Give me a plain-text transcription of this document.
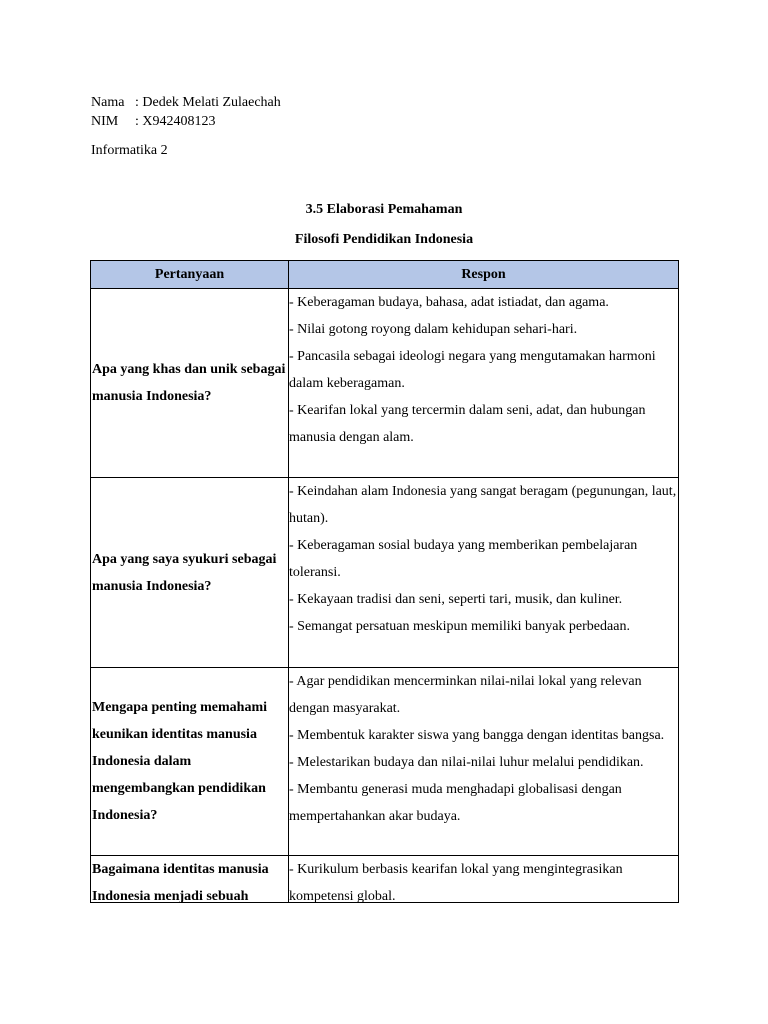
Nama : Dedek Melati Zulaechah
NIM	: X942408123
Informatika 2
3.5 Elaborasi Pemahaman
Filosofi Pendidikan Indonesia
Pertanyaan	Respon
Apa yang khas dan unik sebagai manusia Indonesia?	- Keberagaman budaya, bahasa, adat istiadat, dan agama.
- Nilai gotong royong dalam kehidupan sehari-hari.
- Pancasila sebagai ideologi negara yang mengutamakan harmoni dalam keberagaman.
- Kearifan lokal yang tercermin dalam seni, adat, dan hubungan manusia dengan alam.

Apa yang saya syukuri sebagai manusia Indonesia?	- Keindahan alam Indonesia yang sangat beragam (pegunungan, laut, hutan).
- Keberagaman sosial budaya yang memberikan pembelajaran toleransi.
- Kekayaan tradisi dan seni, seperti tari, musik, dan kuliner.
- Semangat persatuan meskipun memiliki banyak perbedaan.

Mengapa penting memahami keunikan identitas manusia Indonesia dalam mengembangkan pendidikan Indonesia?	- Agar pendidikan mencerminkan nilai-nilai lokal yang relevan dengan masyarakat.
- Membentuk karakter siswa yang bangga dengan identitas bangsa.
- Melestarikan budaya dan nilai-nilai luhur melalui pendidikan.
- Membantu generasi muda menghadapi globalisasi dengan mempertahankan akar budaya.

Bagaimana identitas manusia Indonesia menjadi sebuah	- Kurikulum berbasis kearifan lokal yang mengintegrasikan kompetensi global.
